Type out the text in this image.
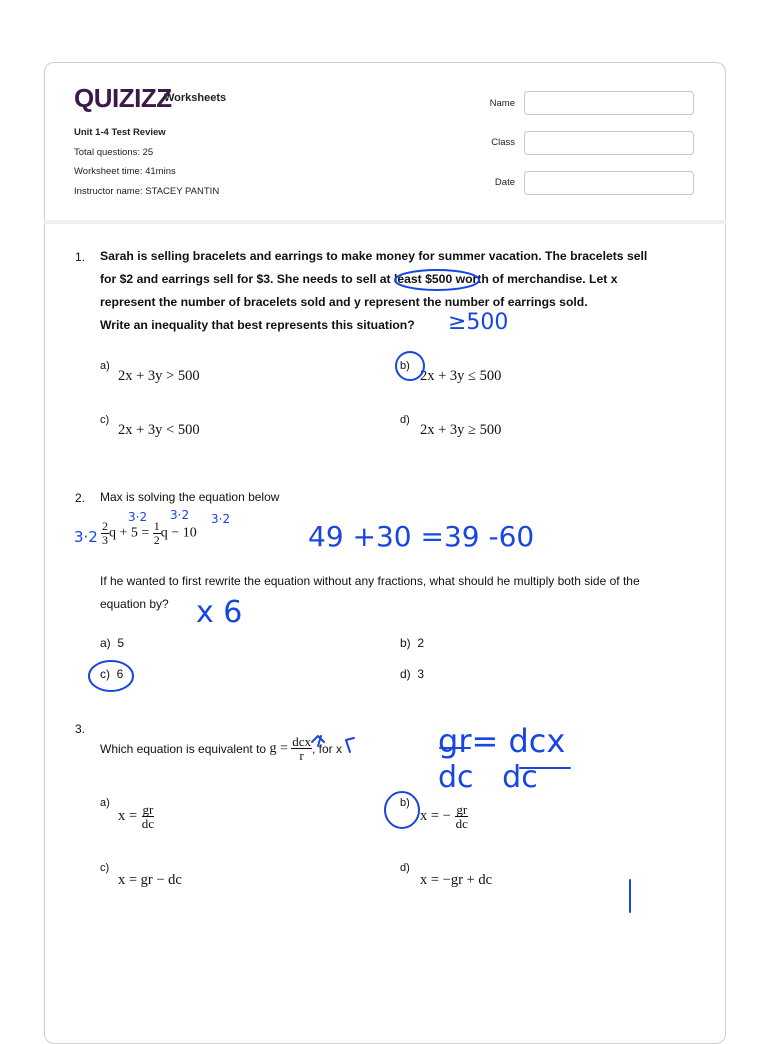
QUIZIZZ
Worksheets
Unit 1-4 Test Review
Total questions: 25
Worksheet time: 41mins
Instructor name: STACEY PANTIN
Name
Class
Date
1. Sarah is selling bracelets and earrings to make money for summer vacation. The bracelets sell
for $2 and earrings sell for $3. She needs to sell at least $500 worth of merchandise. Let x
represent the number of bracelets sold and y represent the number of earrings sold.
Write an inequality that best represents this situation?
a)
2x + 3y > 500
b)
2x + 3y ≤ 500
c)
2x + 3y < 500
d)
2x + 3y ≥ 500
2. Max is solving the equation below
$\frac{2}{3}$ $q + 5 = \frac{1}{2}$ q − 10
If he wanted to first rewrite the equation without any fractions, what should he multiply both side of the
equation by?
a) 5	b) 2
c) 6	d) 3
3.
Which equation is equivalent to
g =
$\frac{\text{dcx}}{r}$ , for x
a)
x =
$\frac{gr}{dc}$	b)
x = −
$\frac{gr}{dc}$
c)
x = gr − dc
d)
x = −gr + dc
≥500
49 +30 =39 -60
x 6
3·2
3·2 3·2 3·2
gr= dcx
dc   dc
